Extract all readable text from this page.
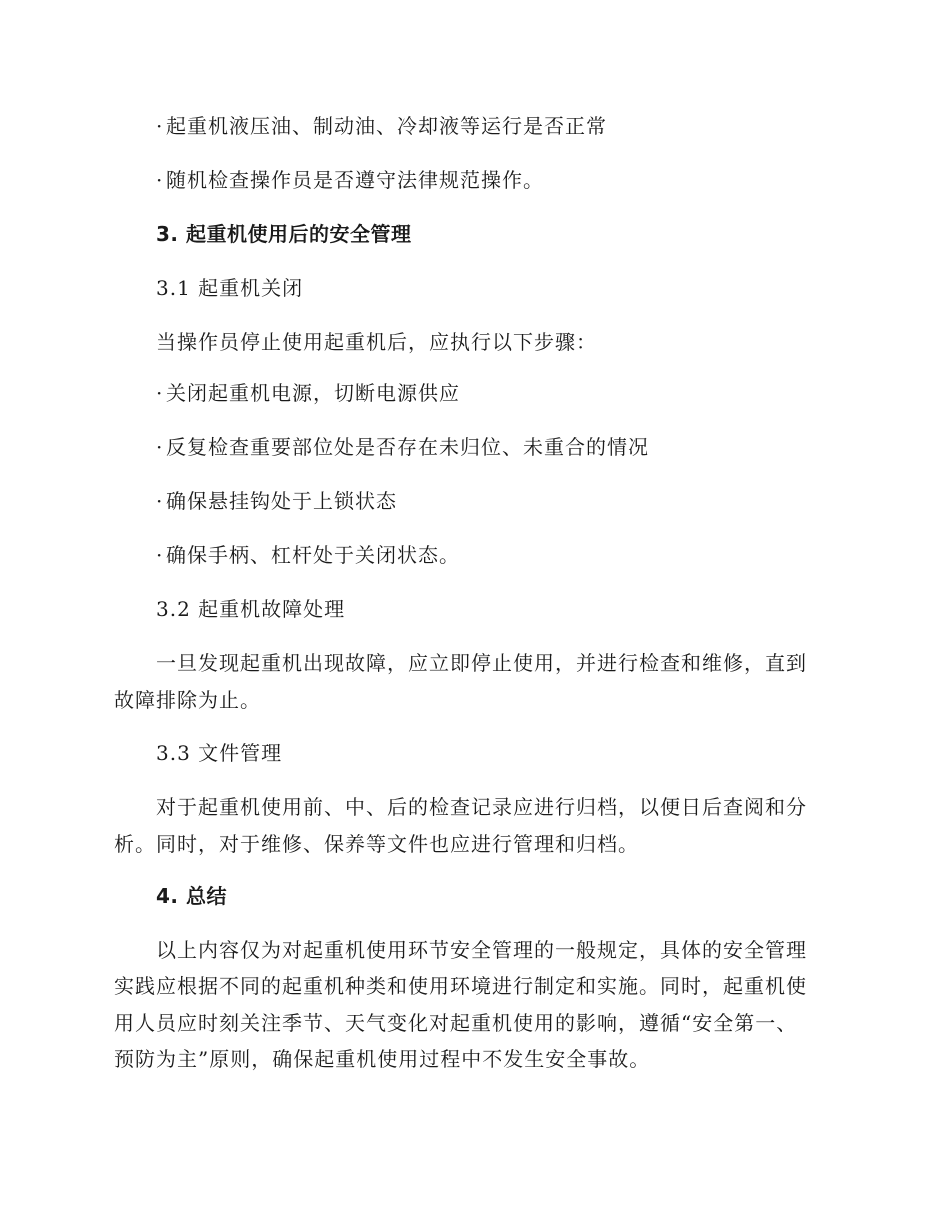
· 起重机液压油、制动油、冷却液等运行是否正常
· 随机检查操作员是否遵守法律规范操作。
3. 起重机使用后的安全管理
3.1 起重机关闭
当操作员停止使用起重机后，应执行以下步骤：
· 关闭起重机电源，切断电源供应
· 反复检查重要部位处是否存在未归位、未重合的情况
· 确保悬挂钩处于上锁状态
· 确保手柄、杠杆处于关闭状态。
3.2 起重机故障处理
一旦发现起重机出现故障，应立即停止使用，并进行检查和维修，直到
故障排除为止。
3.3 文件管理
对于起重机使用前、中、后的检查记录应进行归档，以便日后查阅和分
析。同时，对于维修、保养等文件也应进行管理和归档。
4. 总结
以上内容仅为对起重机使用环节安全管理的一般规定，具体的安全管理
实践应根据不同的起重机种类和使用环境进行制定和实施。同时，起重机使
用人员应时刻关注季节、天气变化对起重机使用的影响，遵循“安全第一、
预防为主”原则，确保起重机使用过程中不发生安全事故。
